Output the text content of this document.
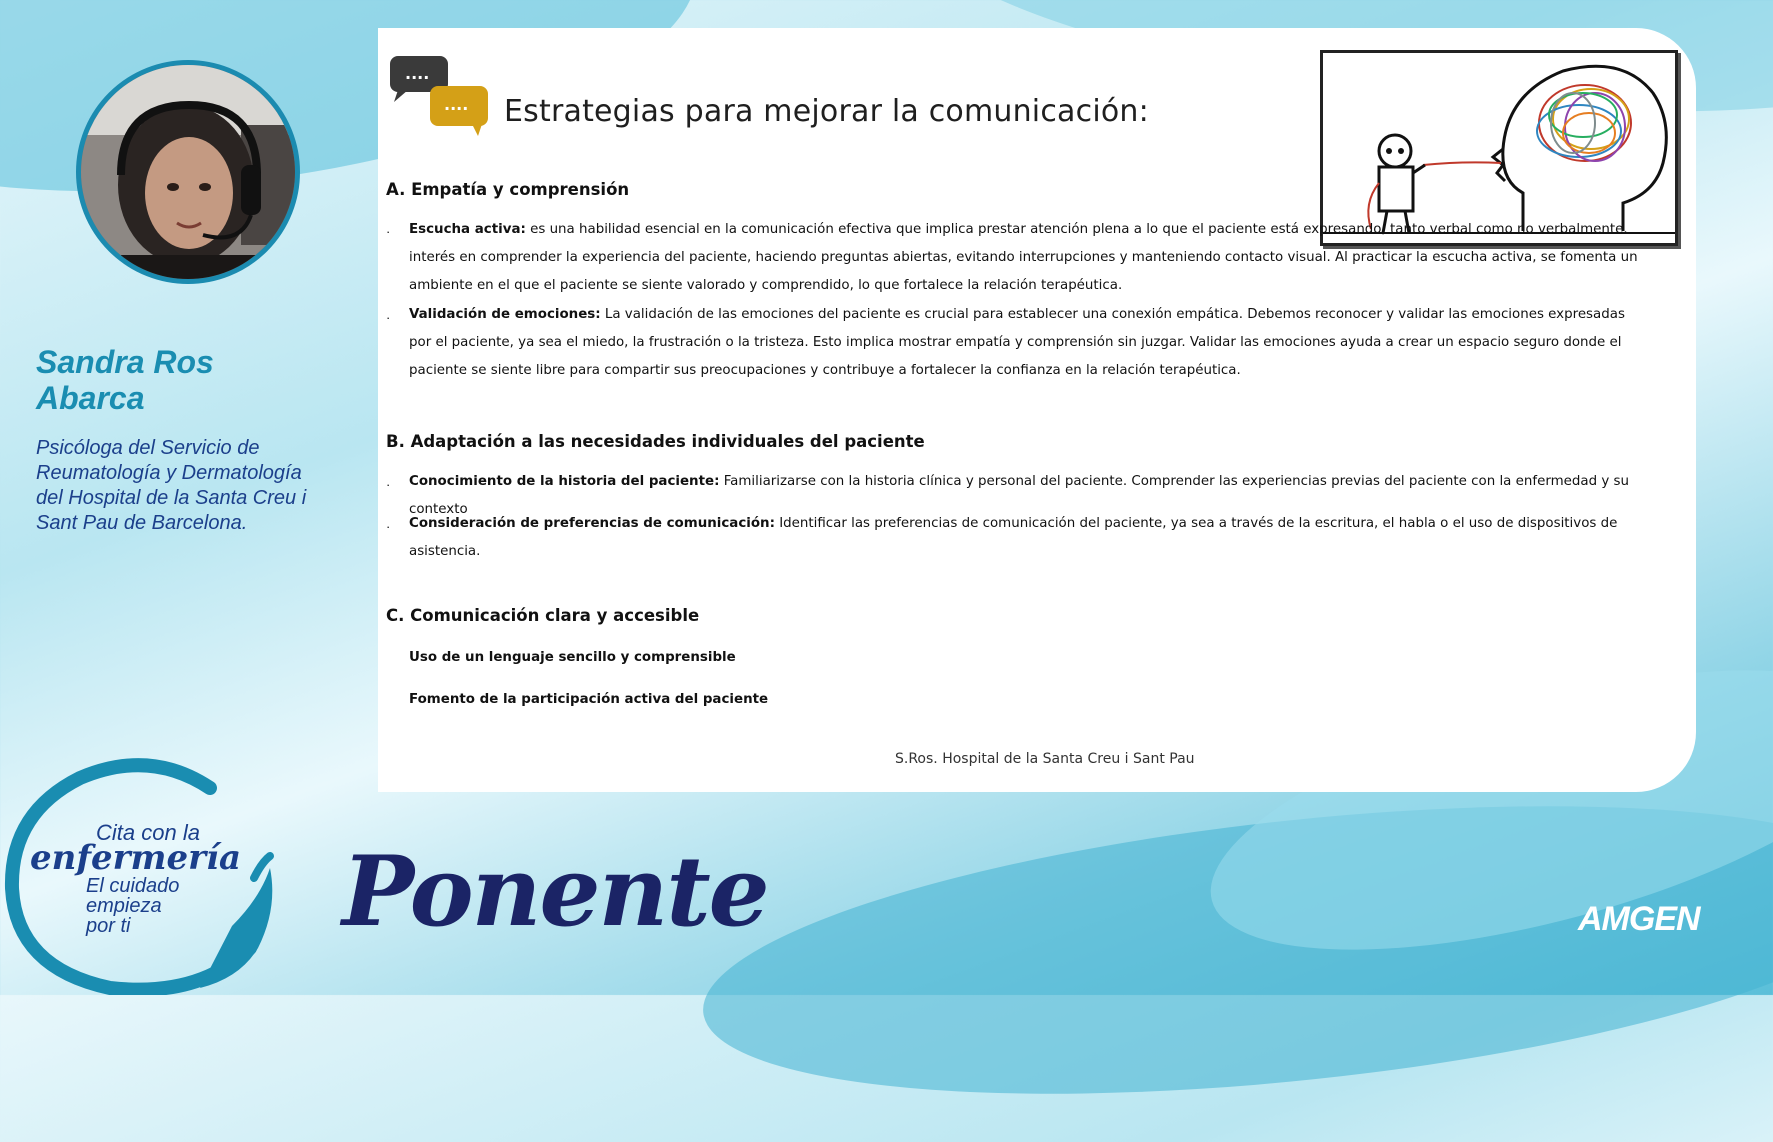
Sandra Ros
Abarca
Psicóloga del Servicio de
Reumatología y Dermatología
del Hospital de la Santa Creu i
Sant Pau de Barcelona.
....
.... Estrategias para mejorar la comunicación:
A. Empatía y comprensión
· Escucha activa: es una habilidad esencial en la comunicación efectiva que implica prestar atención plena a lo que el paciente está expresando, tanto verbal como no verbalmente. interés en comprender la experiencia del paciente, haciendo preguntas abiertas, evitando interrupciones y manteniendo contacto visual. Al practicar la escucha activa, se fomenta un ambiente en el que el paciente se siente valorado y comprendido, lo que fortalece la relación terapéutica.
· Validación de emociones: La validación de las emociones del paciente es crucial para establecer una conexión empática. Debemos reconocer y validar las emociones expresadas por el paciente, ya sea el miedo, la frustración o la tristeza. Esto implica mostrar empatía y comprensión sin juzgar. Validar las emociones ayuda a crear un espacio seguro donde el paciente se siente libre para compartir sus preocupaciones y contribuye a fortalecer la confianza en la relación terapéutica.
B. Adaptación a las necesidades individuales del paciente
· Conocimiento de la historia del paciente: Familiarizarse con la historia clínica y personal del paciente. Comprender las experiencias previas del paciente con la enfermedad y su contexto
· Consideración de preferencias de comunicación: Identificar las preferencias de comunicación del paciente, ya sea a través de la escritura, el habla o el uso de dispositivos de asistencia.
C. Comunicación clara y accesible
Uso de un lenguaje sencillo y comprensible
Fomento de la participación activa del paciente
S.Ros. Hospital de la Santa Creu i Sant Pau
Cita con la
enfermería
El cuidado
empieza
por ti	Ponente	AMGEN
